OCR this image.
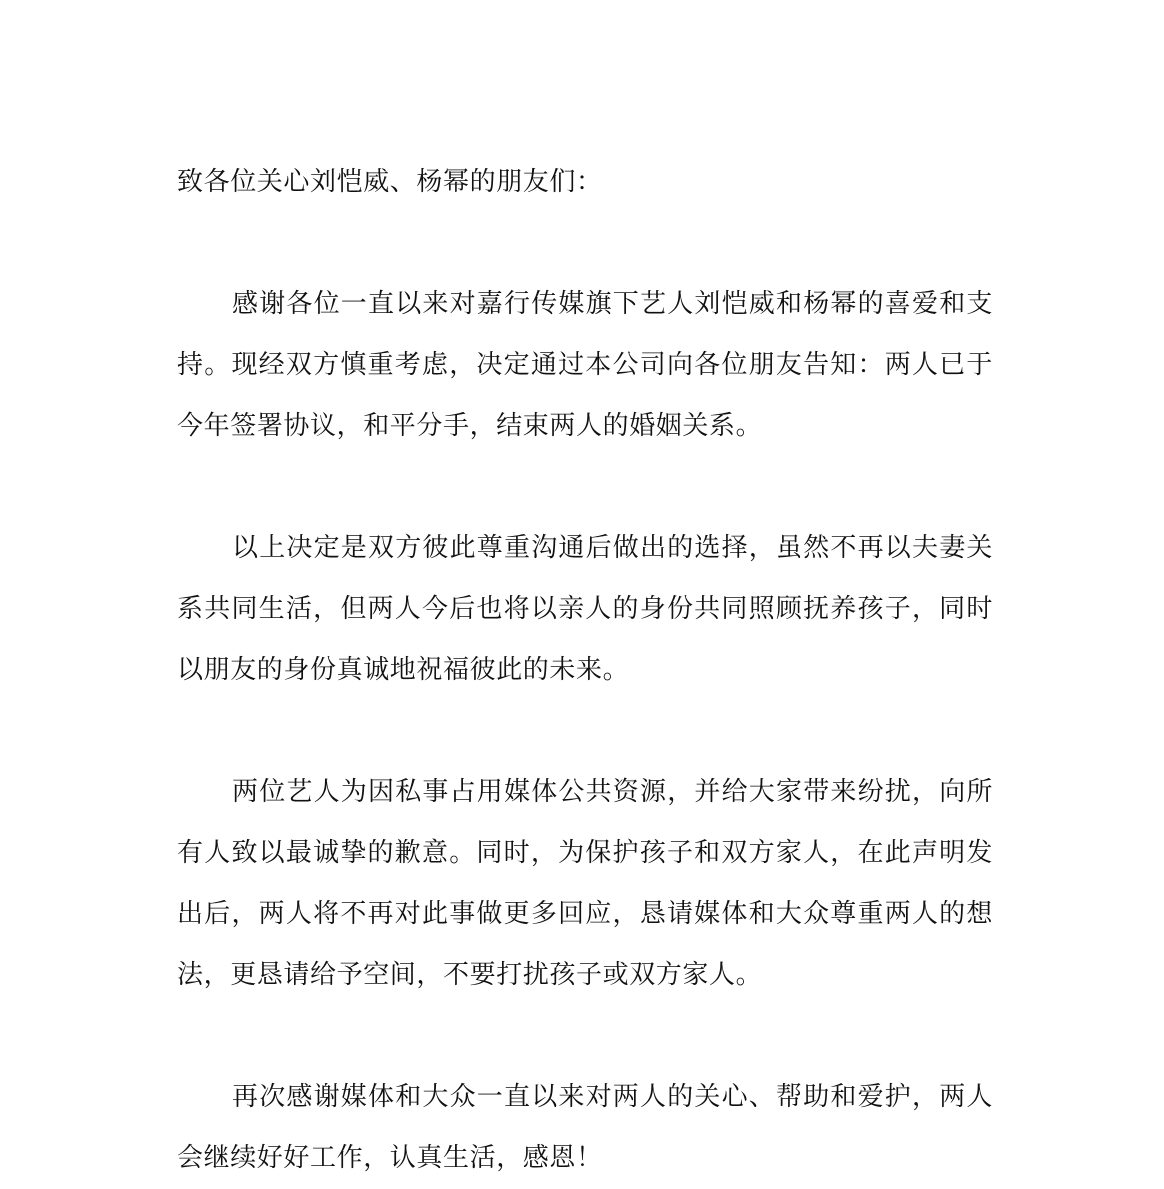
致各位关心刘恺威、杨幂的朋友们：

感谢各位一直以来对嘉行传媒旗下艺人刘恺威和杨幂的喜爱和支持。现经双方慎重考虑，决定通过本公司向各位朋友告知：两人已于今年签署协议，和平分手，结束两人的婚姻关系。

以上决定是双方彼此尊重沟通后做出的选择，虽然不再以夫妻关系共同生活，但两人今后也将以亲人的身份共同照顾抚养孩子，同时以朋友的身份真诚地祝福彼此的未来。

两位艺人为因私事占用媒体公共资源，并给大家带来纷扰，向所有人致以最诚挚的歉意。同时，为保护孩子和双方家人，在此声明发出后，两人将不再对此事做更多回应，恳请媒体和大众尊重两人的想法，更恳请给予空间，不要打扰孩子或双方家人。

再次感谢媒体和大众一直以来对两人的关心、帮助和爱护，两人会继续好好工作，认真生活，感恩！
